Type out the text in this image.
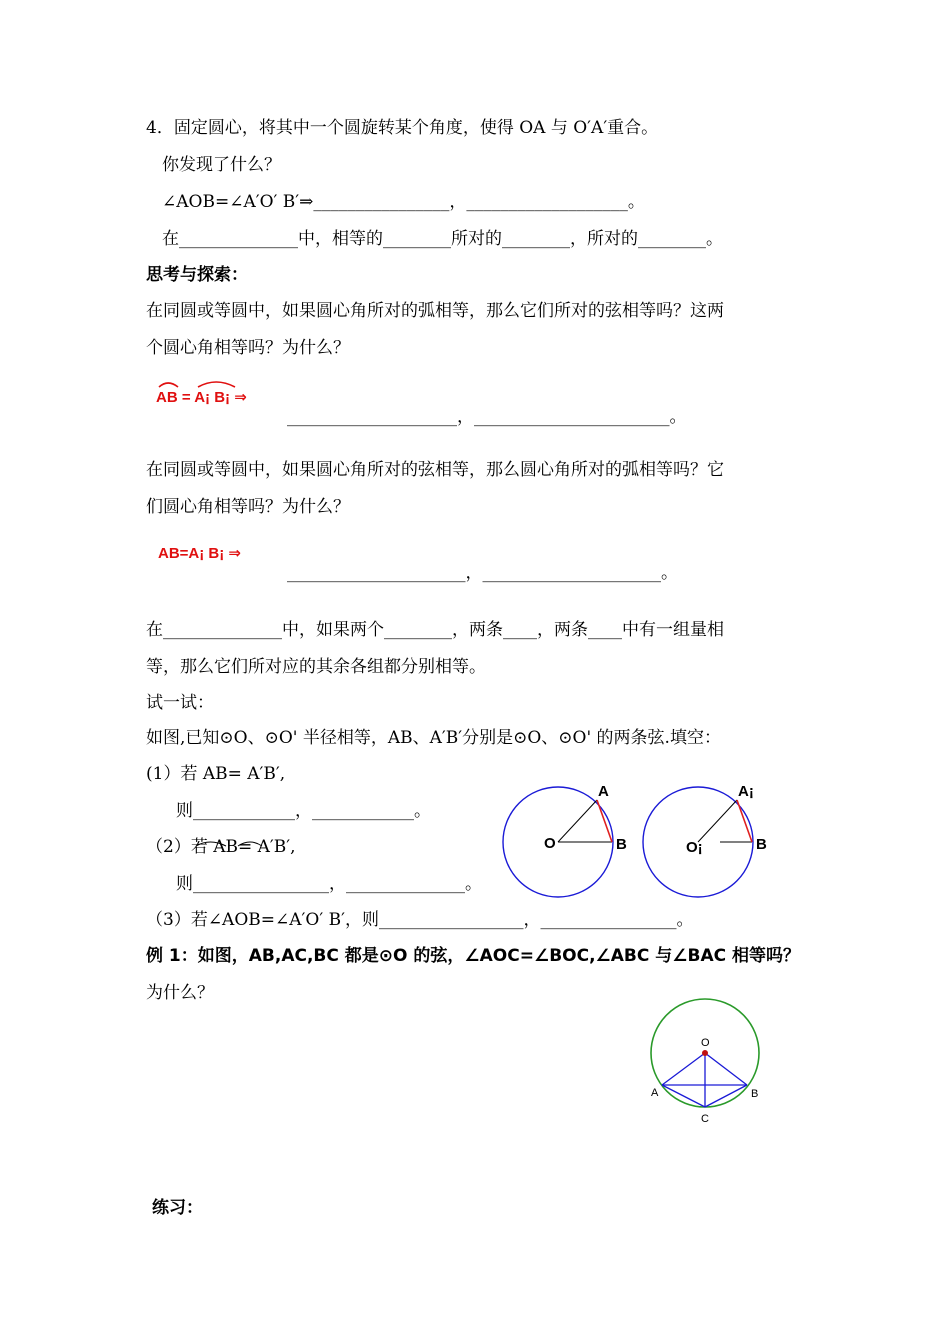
4．固定圆心，将其中一个圆旋转某个角度，使得 OA 与 O′A′重合。
你发现了什么？
∠AOB=∠A′O′ B′⇒________________，___________________。
在______________中，相等的________所对的________，所对的________。
思考与探索：
在同圆或等圆中，如果圆心角所对的弧相等，那么它们所对的弦相等吗？这两
个圆心角相等吗？为什么？
AB = A¡ B¡ ⇒
____________________，_______________________。
在同圆或等圆中，如果圆心角所对的弦相等，那么圆心角所对的弧相等吗？它
们圆心角相等吗？为什么？
AB=A¡ B¡ ⇒
_____________________，_____________________。
在______________中，如果两个________，两条____，两条____中有一组量相
等，那么它们所对应的其余各组都分别相等。
试一试：
如图,已知⊙O、⊙O' 半径相等，AB、A′B′分别是⊙O、⊙O' 的两条弦.填空：
(1）若 AB= A′B′,
则____________，____________。
（2）若 AB= A′B′,
则________________，______________。
（3）若∠AOB=∠A′O′ B′，则_________________，________________。
A
B
O
A¡
B
O¡
例 1：如图，AB,AC,BC 都是⊙O 的弦，∠AOC=∠BOC,∠ABC 与∠BAC 相等吗？
为什么？
O
A	B
C
练习：
